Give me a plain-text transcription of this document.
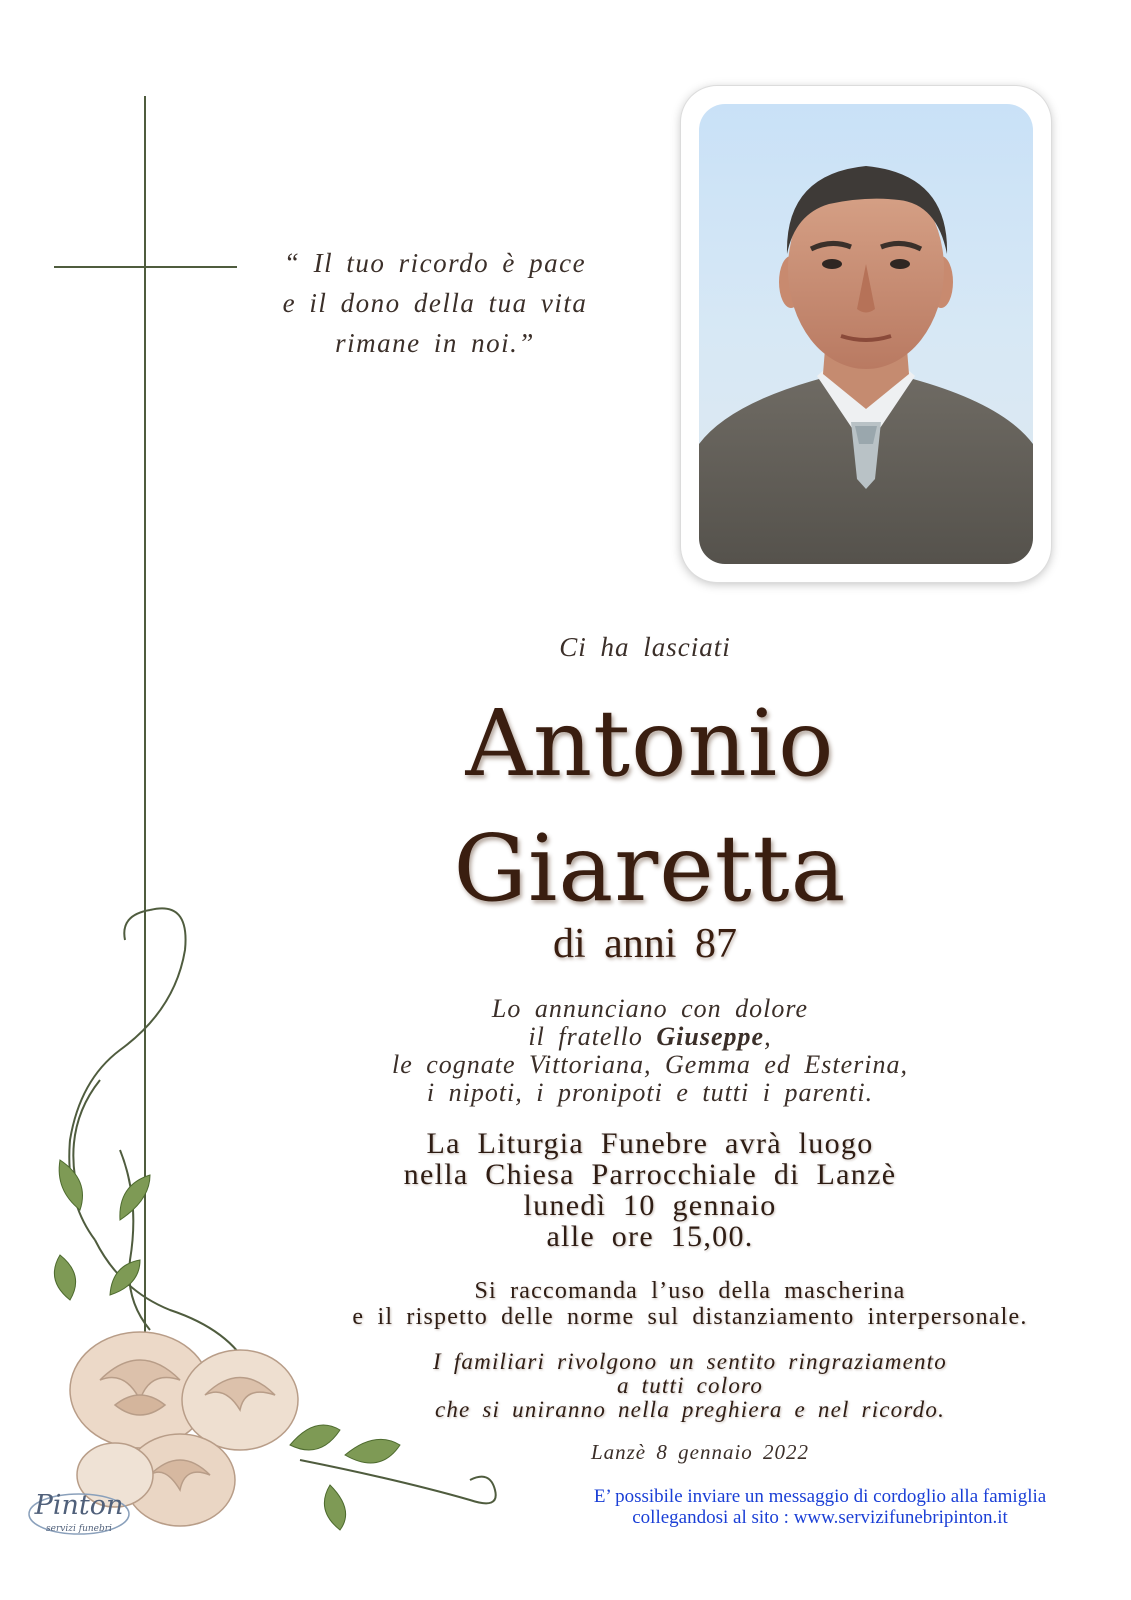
“ Il tuo ricordo è pace
e il dono della tua vita
rimane in noi.”
Ci ha lasciati
Antonio
Giaretta
di anni 87
Lo annunciano con dolore
il fratello Giuseppe,
le cognate Vittoriana, Gemma ed Esterina,
i nipoti, i pronipoti e tutti i parenti.
La Liturgia Funebre avrà luogo
nella Chiesa Parrocchiale di Lanzè
lunedì 10 gennaio
alle ore 15,00.
Si raccomanda l’uso della mascherina
e il rispetto delle norme sul distanziamento interpersonale.
I familiari rivolgono un sentito ringraziamento
a tutti coloro
che si uniranno nella preghiera e nel ricordo.
Lanzè 8 gennaio 2022
E’ possibile inviare un messaggio di cordoglio alla famiglia
collegandosi al sito : www.servizifunebripinton.it
Pinton
servizi funebri
